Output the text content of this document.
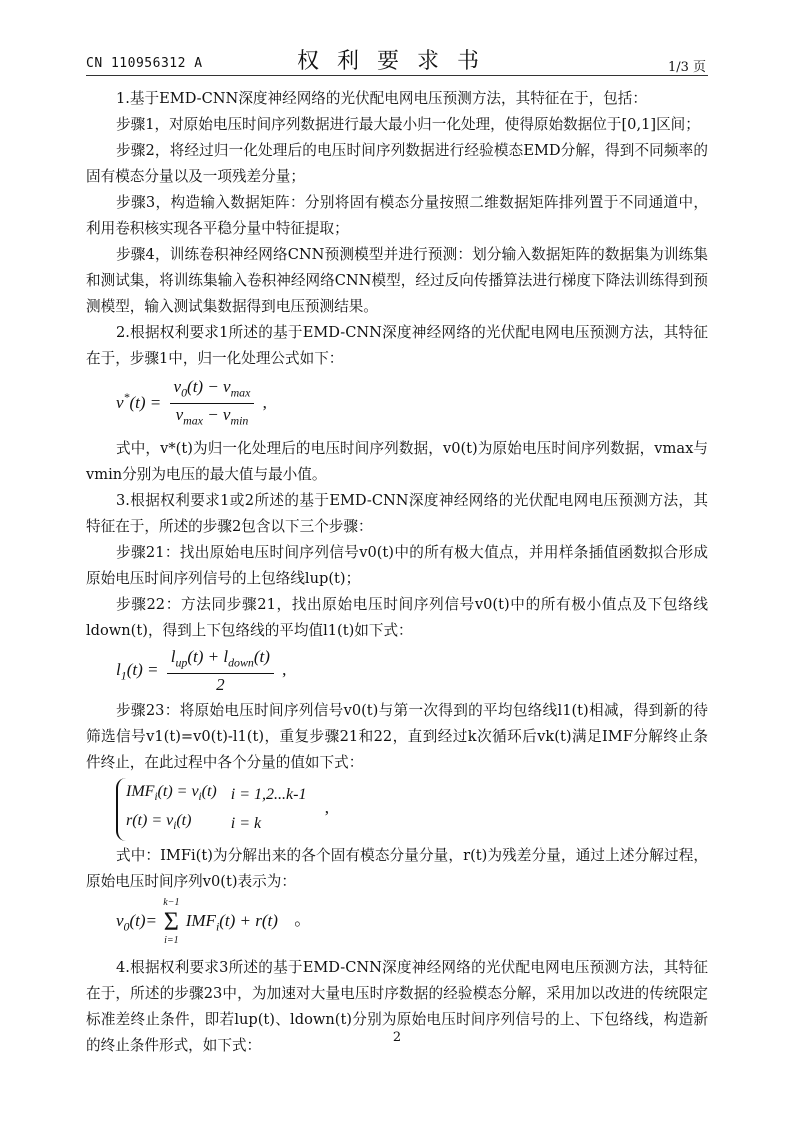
CN 110956312 A	权利要求书	1/3 页

1.基于EMD-CNN深度神经网络的光伏配电网电压预测方法，其特征在于，包括：

步骤1，对原始电压时间序列数据进行最大最小归一化处理，使得原始数据位于[0,1]区间；

步骤2，将经过归一化处理后的电压时间序列数据进行经验模态EMD分解，得到不同频率的固有模态分量以及一项残差分量；

步骤3，构造输入数据矩阵：分别将固有模态分量按照二维数据矩阵排列置于不同通道中，利用卷积核实现各平稳分量中特征提取；

步骤4，训练卷积神经网络CNN预测模型并进行预测：划分输入数据矩阵的数据集为训练集和测试集，将训练集输入卷积神经网络CNN模型，经过反向传播算法进行梯度下降法训练得到预测模型，输入测试集数据得到电压预测结果。

2.根据权利要求1所述的基于EMD-CNN深度神经网络的光伏配电网电压预测方法，其特征在于，步骤1中，归一化处理公式如下：

$v^*(t) = \frac{v_0(t) - v_{max}}{v_{max} - v_{min}}$ ,

式中，v*(t)为归一化处理后的电压时间序列数据，v0(t)为原始电压时间序列数据，vmax与vmin分别为电压的最大值与最小值。

3.根据权利要求1或2所述的基于EMD-CNN深度神经网络的光伏配电网电压预测方法，其特征在于，所述的步骤2包含以下三个步骤：

步骤21：找出原始电压时间序列信号v0(t)中的所有极大值点，并用样条插值函数拟合形成原始电压时间序列信号的上包络线lup(t)；

步骤22：方法同步骤21，找出原始电压时间序列信号v0(t)中的所有极小值点及下包络线ldown(t)，得到上下包络线的平均值l1(t)如下式：

$l_1(t) = \frac{l_{up}(t) + l_{down}(t)}{2}$ ,

步骤23：将原始电压时间序列信号v0(t)与第一次得到的平均包络线l1(t)相减，得到新的待筛选信号v1(t)=v0(t)-l1(t)，重复步骤21和22，直到经过k次循环后vk(t)满足IMF分解终止条件终止，在此过程中各个分量的值如下式：

$IMF_i(t) = v_i(t)$	i = 1,2...k-1
$r(t) = v_i(t)$	i = k
,

式中：IMFi(t)为分解出来的各个固有模态分量分量，r(t)为残差分量，通过上述分解过程，原始电压时间序列v0(t)表示为：

$v_0(t)=$
k−1
Σ
i=1
$IMF_i(t) + r(t)$ 。

4.根据权利要求3所述的基于EMD-CNN深度神经网络的光伏配电网电压预测方法，其特征在于，所述的步骤23中，为加速对大量电压时序数据的经验模态分解，采用加以改进的传统限定标准差终止条件，即若lup(t)、ldown(t)分别为原始电压时间序列信号的上、下包络线，构造新的终止条件形式，如下式：	2
